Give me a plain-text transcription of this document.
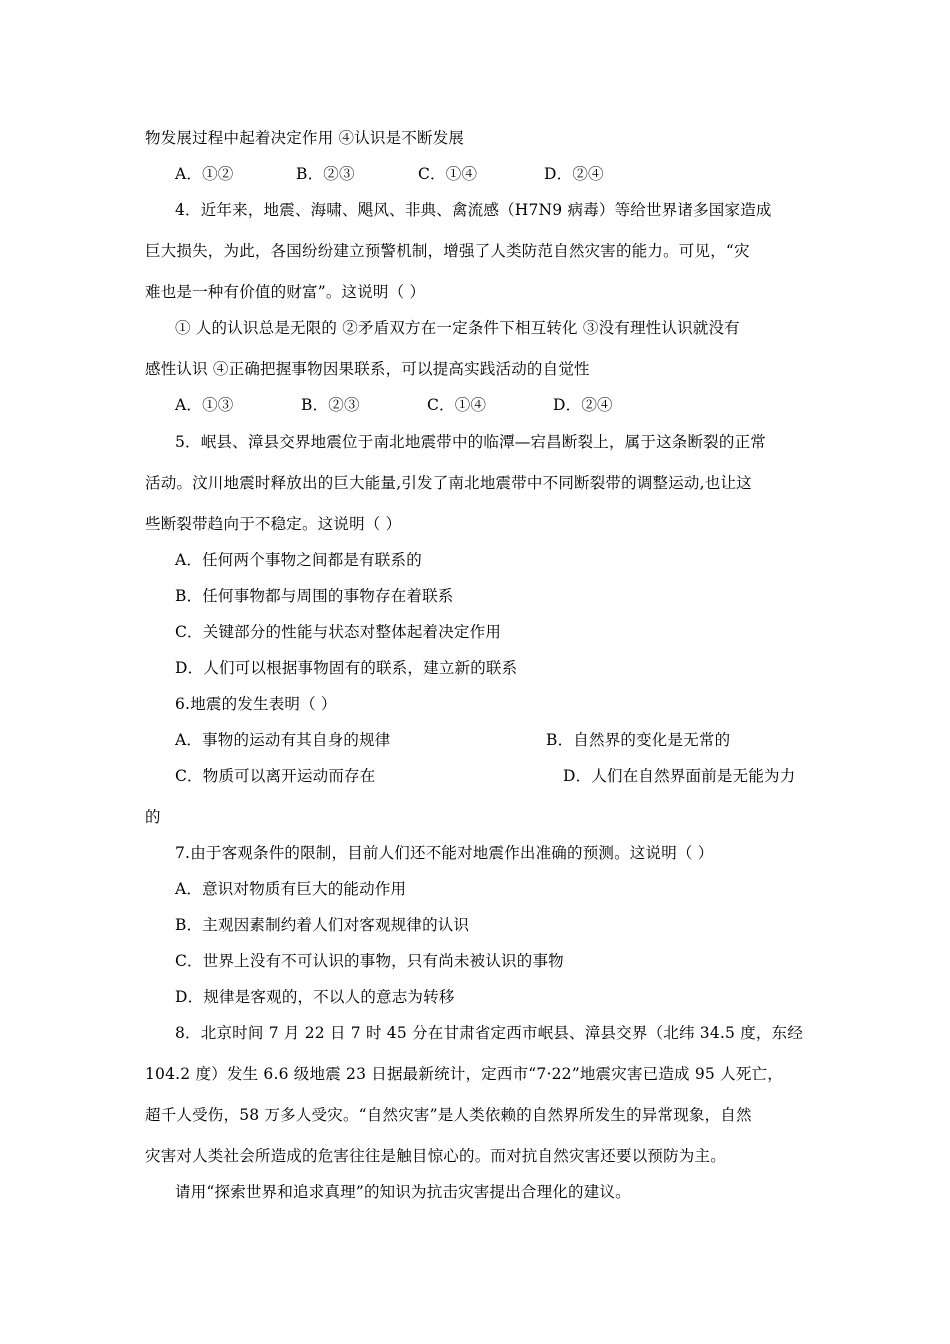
物发展过程中起着决定作用 ④认识是不断发展
A．①②	B．②③	C．①④	D．②④
4．近年来，地震、海啸、飓风、非典、禽流感（H7N9 病毒）等给世界诸多国家造成
巨大损失，为此，各国纷纷建立预警机制，增强了人类防范自然灾害的能力。可见，“灾
难也是一种有价值的财富”。这说明（ ）
① 人的认识总是无限的 ②矛盾双方在一定条件下相互转化 ③没有理性认识就没有
感性认识 ④正确把握事物因果联系，可以提高实践活动的自觉性
A．①③	B．②③	C．①④	D．②④
5．岷县、漳县交界地震位于南北地震带中的临潭—宕昌断裂上，属于这条断裂的正常
活动。汶川地震时释放出的巨大能量,引发了南北地震带中不同断裂带的调整运动,也让这
些断裂带趋向于不稳定。这说明（ ）
A．任何两个事物之间都是有联系的
B．任何事物都与周围的事物存在着联系
C．关键部分的性能与状态对整体起着决定作用
D．人们可以根据事物固有的联系，建立新的联系
6.地震的发生表明（ ）
A．事物的运动有其自身的规律	B．自然界的变化是无常的
C．物质可以离开运动而存在	D．人们在自然界面前是无能为力
的
7.由于客观条件的限制，目前人们还不能对地震作出准确的预测。这说明（ ）
A．意识对物质有巨大的能动作用
B．主观因素制约着人们对客观规律的认识
C．世界上没有不可认识的事物，只有尚未被认识的事物
D．规律是客观的，不以人的意志为转移
8．北京时间 7 月 22 日 7 时 45 分在甘肃省定西市岷县、漳县交界（北纬 34.5 度，东经
104.2 度）发生 6.6 级地震 23 日据最新统计，定西市“7·22”地震灾害已造成 95 人死亡，
超千人受伤，58 万多人受灾。“自然灾害”是人类依赖的自然界所发生的异常现象，自然
灾害对人类社会所造成的危害往往是触目惊心的。而对抗自然灾害还要以预防为主。
请用“探索世界和追求真理”的知识为抗击灾害提出合理化的建议。
